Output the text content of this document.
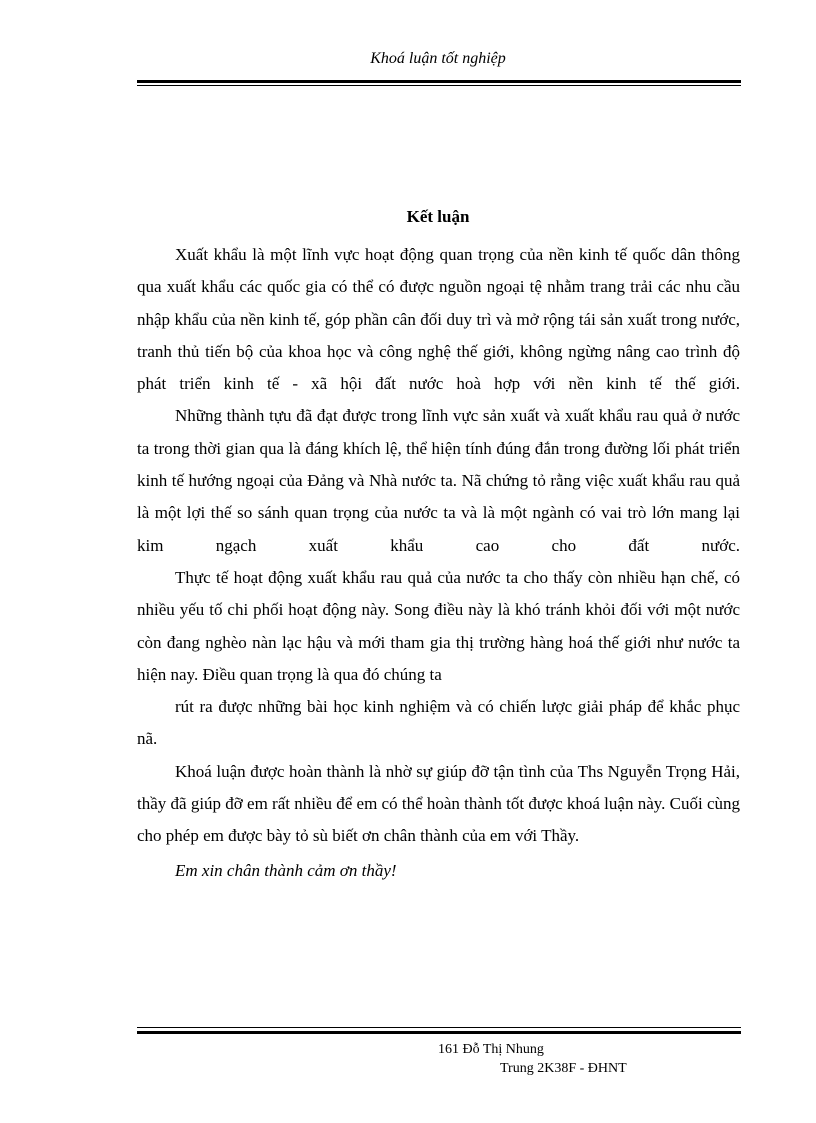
Khoá luận tốt nghiệp
Kết luận

Xuất khẩu là một lĩnh vực hoạt động quan trọng của nền kinh tế quốc dân thông qua xuất khẩu các quốc gia có thể có được nguồn ngoại tệ nhằm trang trải các nhu cầu nhập khẩu của nền kinh tế, góp phần cân đối duy trì và mở rộng tái sản xuất trong nước, tranh thủ tiến bộ của khoa học và công nghệ thế giới, không ngừng nâng cao trình độ phát triển kinh tế - xã hội đất nước hoà hợp với nền kinh tế thế giới.

Những thành tựu đã đạt được trong lĩnh vực sản xuất và xuất khẩu rau quả ở nước ta trong thời gian qua là đáng khích lệ, thể hiện tính đúng đắn trong đường lối phát triển kinh tế hướng ngoại của Đảng và Nhà nước ta. Nã chứng tỏ rằng việc xuất khẩu rau quả là một lợi thế so sánh quan trọng của nước ta và là một ngành có vai trò lớn mang lại kim ngạch xuất khẩu cao cho đất nước.

Thực tế hoạt động xuất khẩu rau quả của nước ta cho thấy còn nhiều hạn chế, có nhiều yếu tố chi phối hoạt động này. Song điều này là khó tránh khỏi đối với một nước còn đang nghèo nàn lạc hậu và mới tham gia thị trường hàng hoá thế giới như nước ta hiện nay. Điều quan trọng là qua đó chúng ta

rút ra được những bài học kinh nghiệm và có chiến lược giải pháp để khắc phục nã.

Khoá luận được hoàn thành là nhờ sự giúp đỡ tận tình của Ths Nguyễn Trọng Hải, thầy đã giúp đỡ em rất nhiều để em có thể hoàn thành tốt được khoá luận này. Cuối cùng cho phép em được bày tỏ sù biết ơn chân thành của em với Thầy.

Em xin chân thành cảm ơn thầy!

161 Đỗ Thị Nhung
Trung 2K38F - ĐHNT
